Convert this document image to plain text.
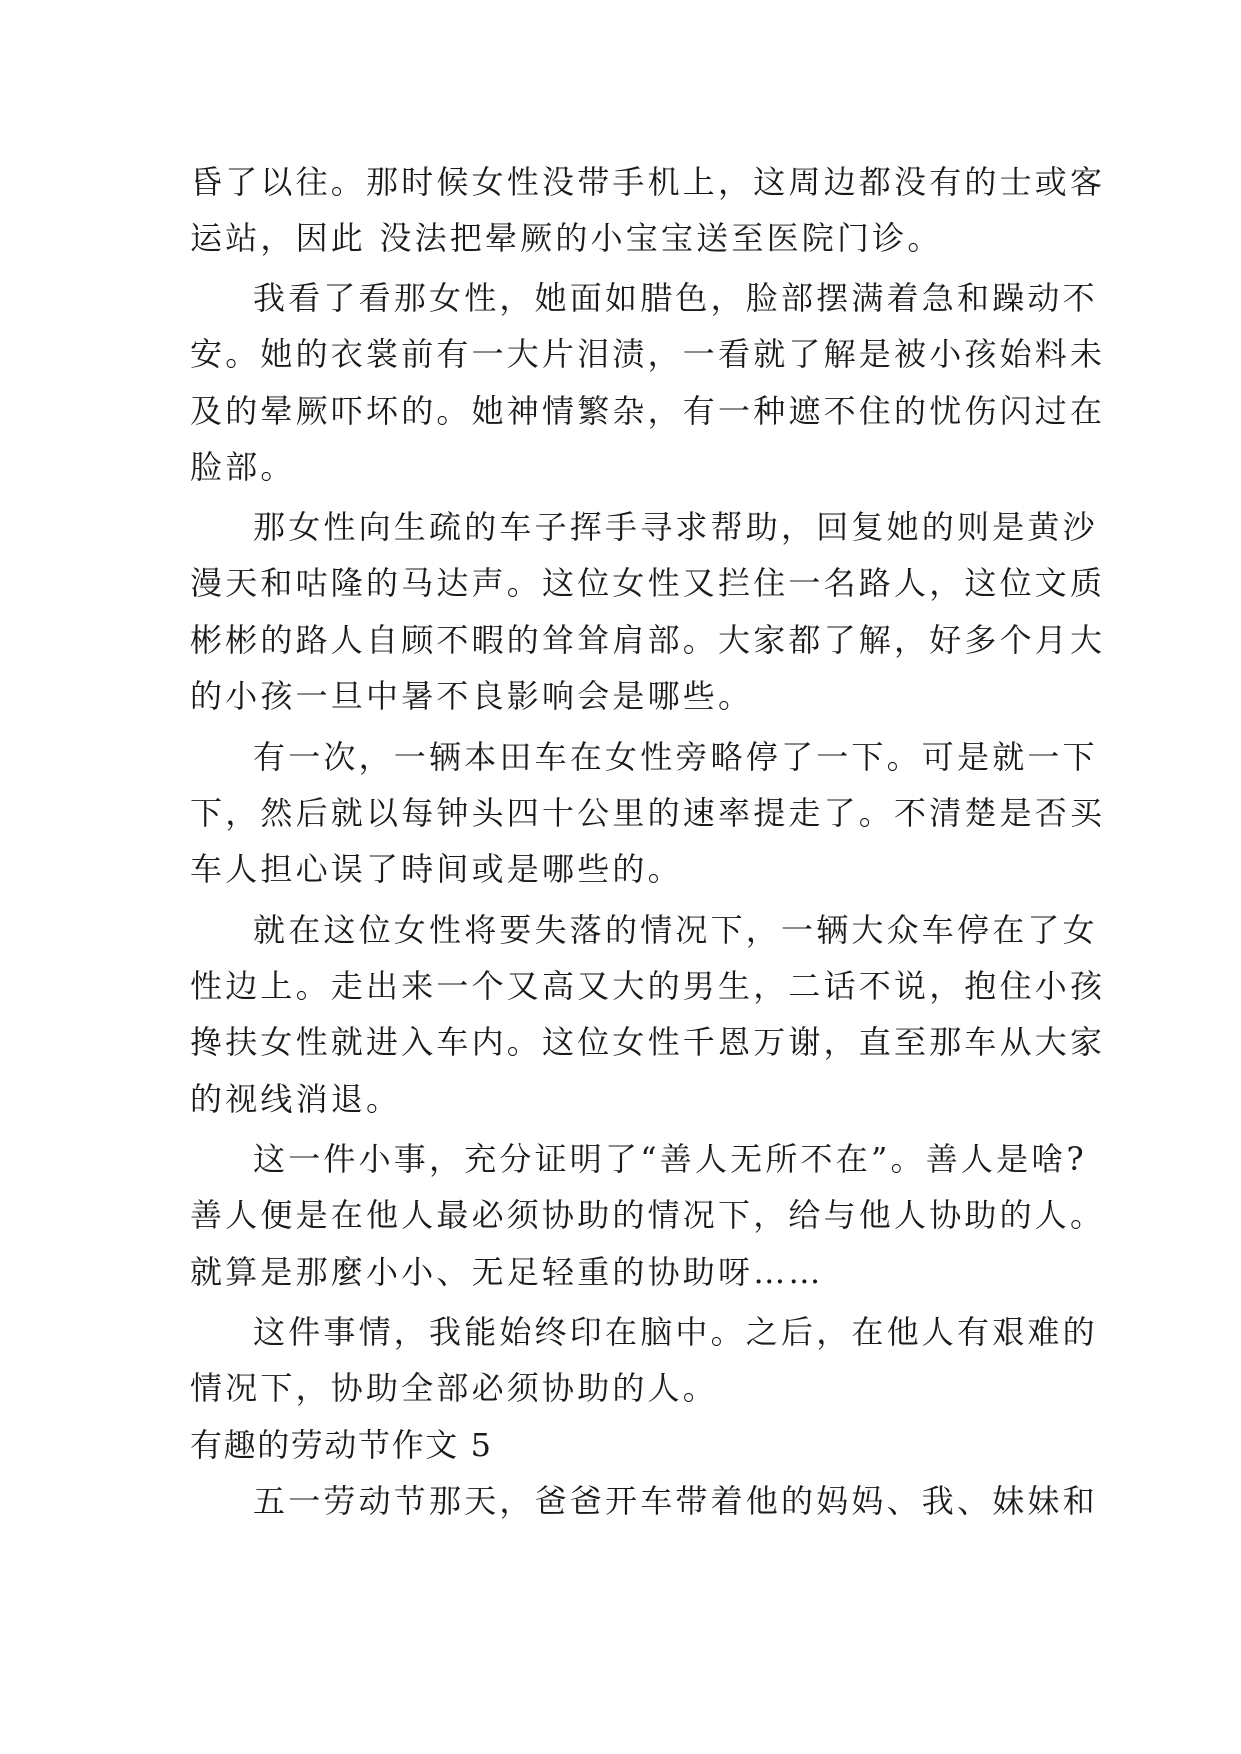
昏了以往。那时候女性没带手机上，这周边都没有的士或客
运站，因此 没法把晕厥的小宝宝送至医院门诊。
我看了看那女性，她面如腊色，脸部摆满着急和躁动不
安。她的衣裳前有一大片泪渍，一看就了解是被小孩始料未
及的晕厥吓坏的。她神情繁杂，有一种遮不住的忧伤闪过在
脸部。
那女性向生疏的车子挥手寻求帮助，回复她的则是黄沙
漫天和咕隆的马达声。这位女性又拦住一名路人，这位文质
彬彬的路人自顾不暇的耸耸肩部。大家都了解，好多个月大
的小孩一旦中暑不良影响会是哪些。
有一次，一辆本田车在女性旁略停了一下。可是就一下
下，然后就以每钟头四十公里的速率提走了。不清楚是否买
车人担心误了時间或是哪些的。
就在这位女性将要失落的情况下，一辆大众车停在了女
性边上。走出来一个又高又大的男生，二话不说，抱住小孩
搀扶女性就进入车内。这位女性千恩万谢，直至那车从大家
的视线消退。
这一件小事，充分证明了“善人无所不在”。善人是啥?
善人便是在他人最必须协助的情况下，给与他人协助的人。
就算是那麼小小、无足轻重的协助呀……
这件事情，我能始终印在脑中。之后，在他人有艰难的
情况下，协助全部必须协助的人。
有趣的劳动节作文 5
五一劳动节那天，爸爸开车带着他的妈妈、我、妹妹和
